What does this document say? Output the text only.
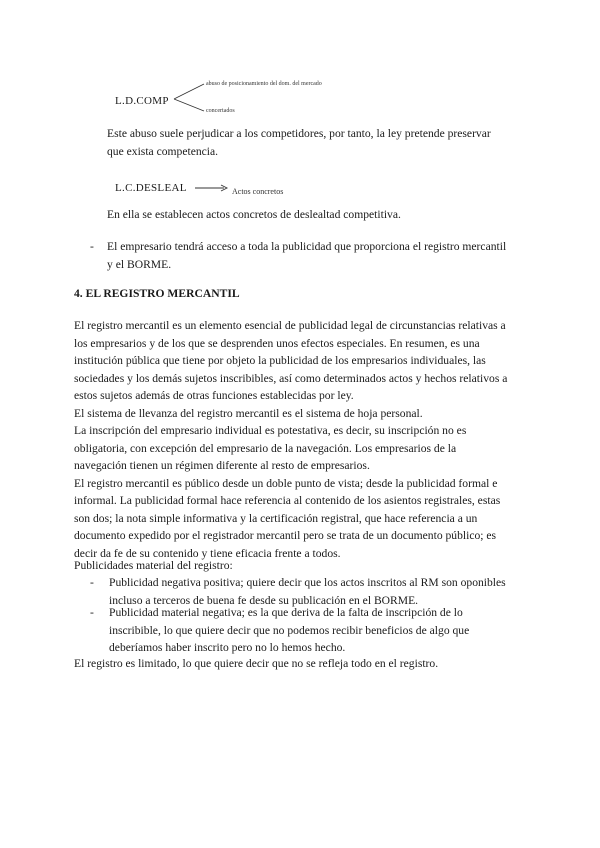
L.D.COMP
abuso de posicionamiento del dom. del mercado
concertados
Este abuso suele perjudicar a los competidores, por tanto, la ley pretende preservar
que exista competencia.
L.C.DESLEAL	Actos concretos
En ella se establecen actos concretos de deslealtad competitiva.
- El empresario tendrá acceso a toda la publicidad que proporciona el registro mercantil
y el BORME.
4. EL REGISTRO MERCANTIL
El registro mercantil es un elemento esencial de publicidad legal de circunstancias relativas a
los empresarios y de los que se desprenden unos efectos especiales. En resumen, es una
institución pública que tiene por objeto la publicidad de los empresarios individuales, las
sociedades y los demás sujetos inscribibles, así como determinados actos y hechos relativos a
estos sujetos además de otras funciones establecidas por ley.
El sistema de llevanza del registro mercantil es el sistema de hoja personal.
La inscripción del empresario individual es potestativa, es decir, su inscripción no es
obligatoria, con excepción del empresario de la navegación. Los empresarios de la
navegación tienen un régimen diferente al resto de empresarios.
El registro mercantil es público desde un doble punto de vista; desde la publicidad formal e
informal. La publicidad formal hace referencia al contenido de los asientos registrales, estas
son dos; la nota simple informativa y la certificación registral, que hace referencia a un
documento expedido por el registrador mercantil pero se trata de un documento público; es
decir da fe de su contenido y tiene eficacia frente a todos.
Publicidades material del registro:
- Publicidad negativa positiva; quiere decir que los actos inscritos al RM son oponibles
incluso a terceros de buena fe desde su publicación en el BORME.
- Publicidad material negativa; es la que deriva de la falta de inscripción de lo
inscribible, lo que quiere decir que no podemos recibir beneficios de algo que
deberíamos haber inscrito pero no lo hemos hecho.
El registro es limitado, lo que quiere decir que no se refleja todo en el registro.
